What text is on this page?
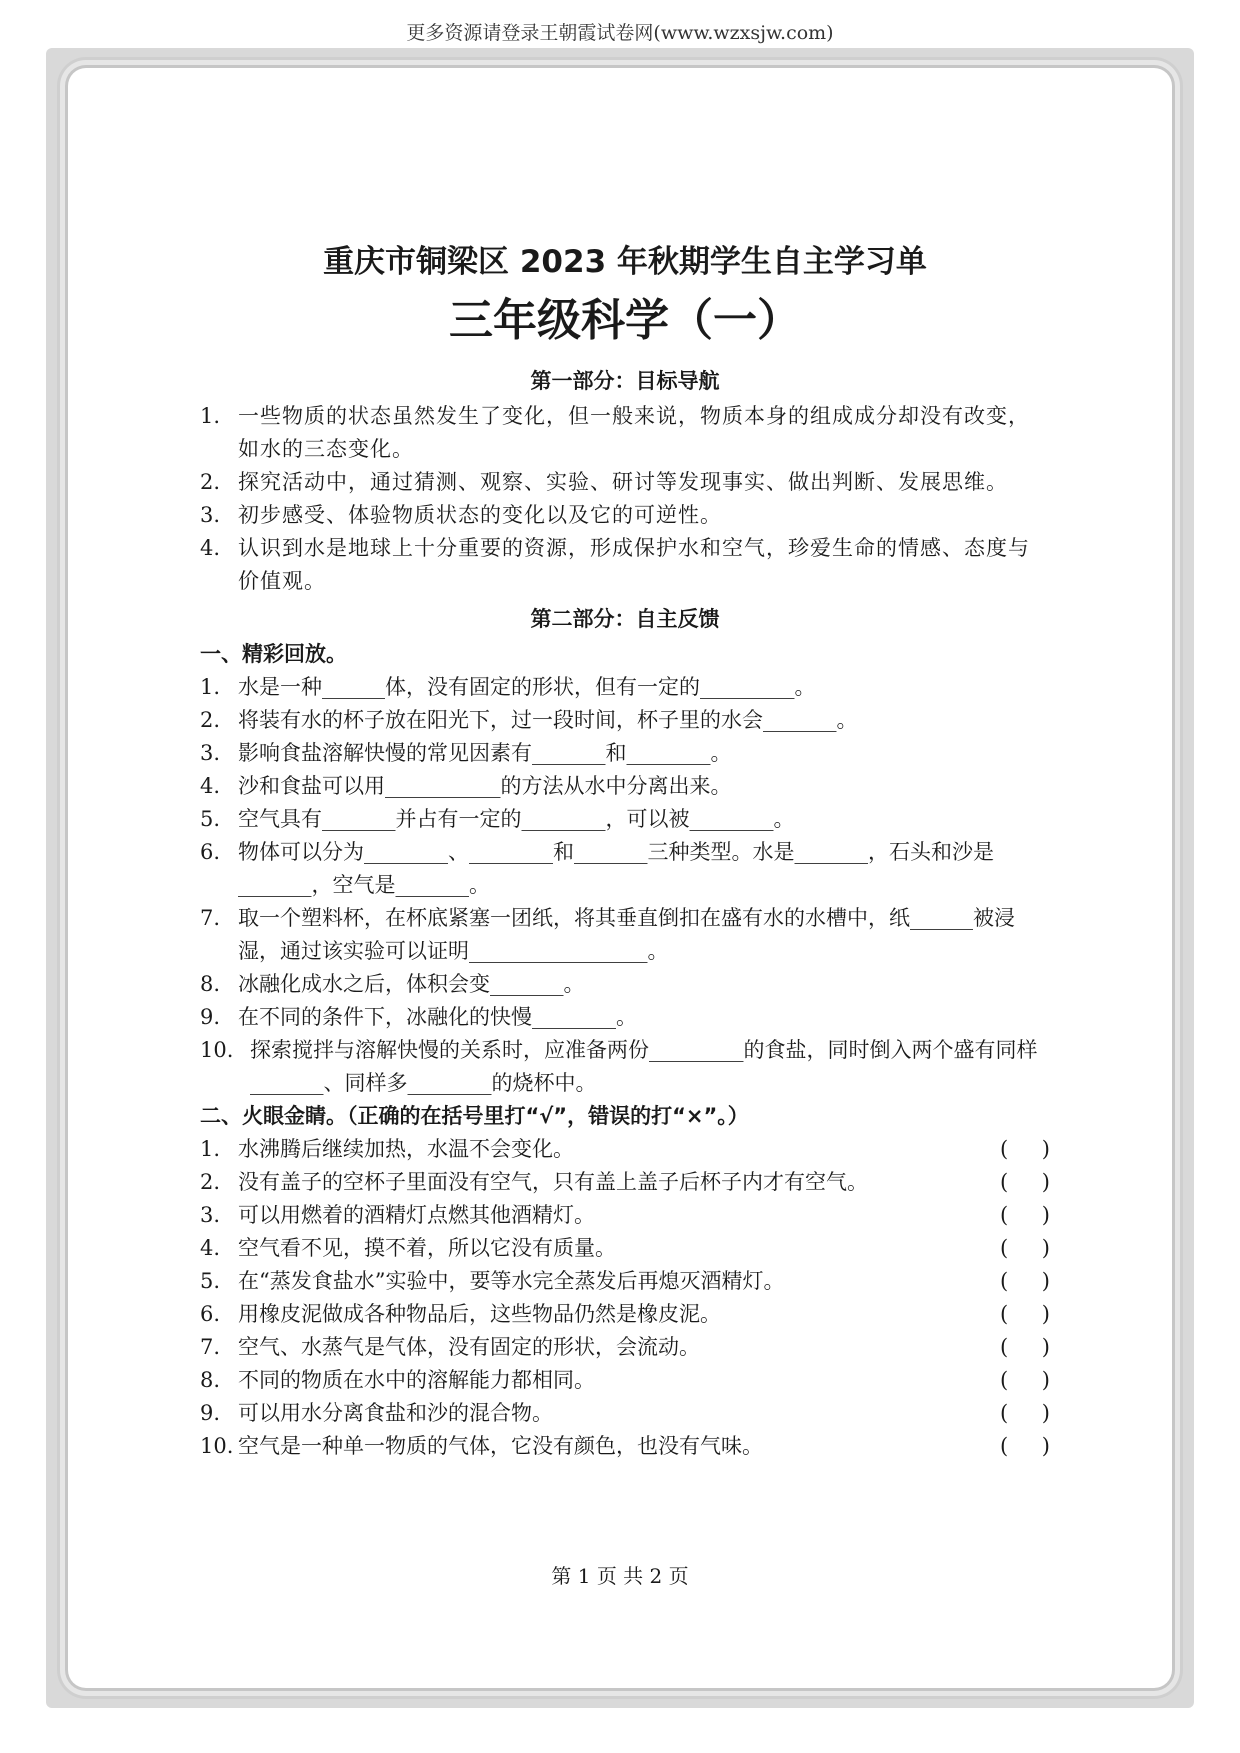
更多资源请登录王朝霞试卷网(www.wzxsjw.com)
重庆市铜梁区 2023 年秋期学生自主学习单
三年级科学（一）
第一部分：目标导航
1. 一些物质的状态虽然发生了变化，但一般来说，物质本身的组成成分却没有改变，如水的三态变化。
2. 探究活动中，通过猜测、观察、实验、研讨等发现事实、做出判断、发展思维。
3. 初步感受、体验物质状态的变化以及它的可逆性。
4. 认识到水是地球上十分重要的资源，形成保护水和空气，珍爱生命的情感、态度与价值观。
第二部分：自主反馈
一、精彩回放。
1. 水是一种______体，没有固定的形状，但有一定的_________。
2. 将装有水的杯子放在阳光下，过一段时间，杯子里的水会_______。
3. 影响食盐溶解快慢的常见因素有_______和________。
4. 沙和食盐可以用___________的方法从水中分离出来。
5. 空气具有_______并占有一定的________，可以被________。
6. 物体可以分为________、________和_______三种类型。水是_______，石头和沙是_______，空气是_______。
7. 取一个塑料杯，在杯底紧塞一团纸，将其垂直倒扣在盛有水的水槽中，纸______被浸湿，通过该实验可以证明_________________。
8. 冰融化成水之后，体积会变_______。
9. 在不同的条件下，冰融化的快慢________。
10. 探索搅拌与溶解快慢的关系时，应准备两份_________的食盐，同时倒入两个盛有同样_______、同样多________的烧杯中。
二、火眼金睛。（正确的在括号里打“√”，错误的打“×”。）
1. 水沸腾后继续加热，水温不会变化。	( )
2. 没有盖子的空杯子里面没有空气，只有盖上盖子后杯子内才有空气。	( )
3. 可以用燃着的酒精灯点燃其他酒精灯。	( )
4. 空气看不见，摸不着，所以它没有质量。	( )
5. 在“蒸发食盐水”实验中，要等水完全蒸发后再熄灭酒精灯。	( )
6. 用橡皮泥做成各种物品后，这些物品仍然是橡皮泥。	( )
7. 空气、水蒸气是气体，没有固定的形状，会流动。	( )
8. 不同的物质在水中的溶解能力都相同。	( )
9. 可以用水分离食盐和沙的混合物。	( )
10. 空气是一种单一物质的气体，它没有颜色，也没有气味。	( )
第 1 页 共 2 页
